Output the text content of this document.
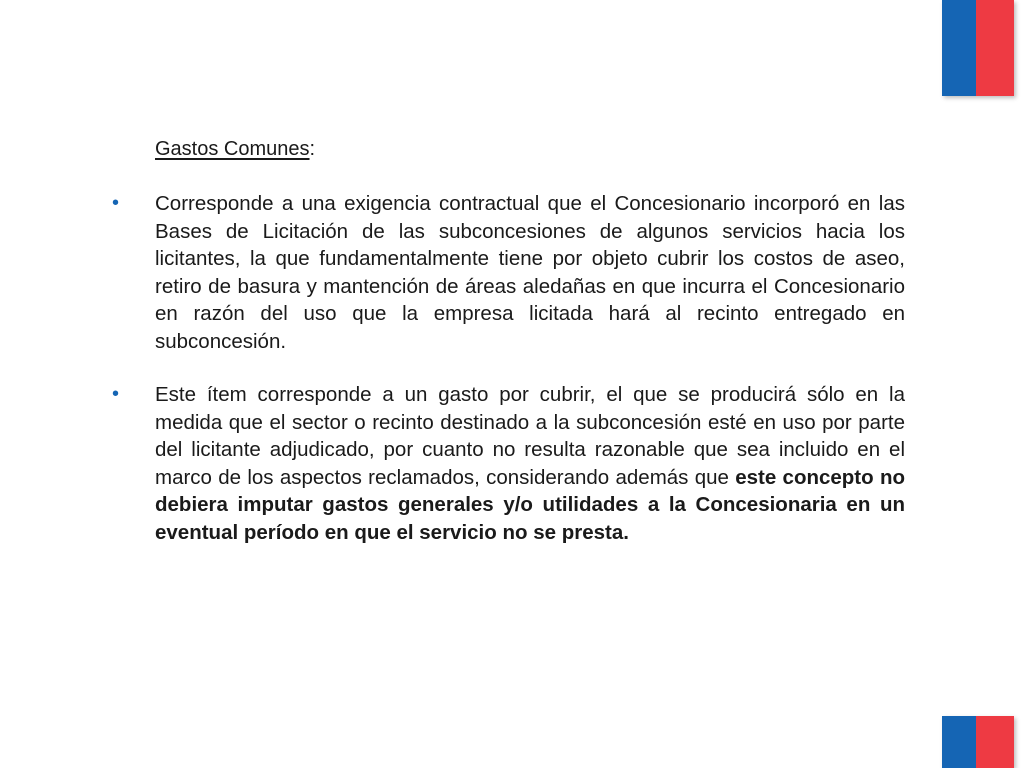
Gastos Comunes:
•	Corresponde a una exigencia contractual que el Concesionario incorporó en las Bases de Licitación de las subconcesiones de algunos servicios hacia los licitantes, la que fundamentalmente tiene por objeto cubrir los costos de aseo, retiro de basura y mantención de áreas aledañas en que incurra el Concesionario en razón del uso que la empresa licitada hará al recinto entregado en subconcesión.

•	Este ítem corresponde a un gasto por cubrir, el que se producirá sólo en la medida que el sector o recinto destinado a la subconcesión esté en uso por parte del licitante adjudicado, por cuanto no resulta razonable que sea incluido en el marco de los aspectos reclamados, considerando además que este concepto no debiera imputar gastos generales y/o utilidades a la Concesionaria en un eventual período en que el servicio no se presta.
